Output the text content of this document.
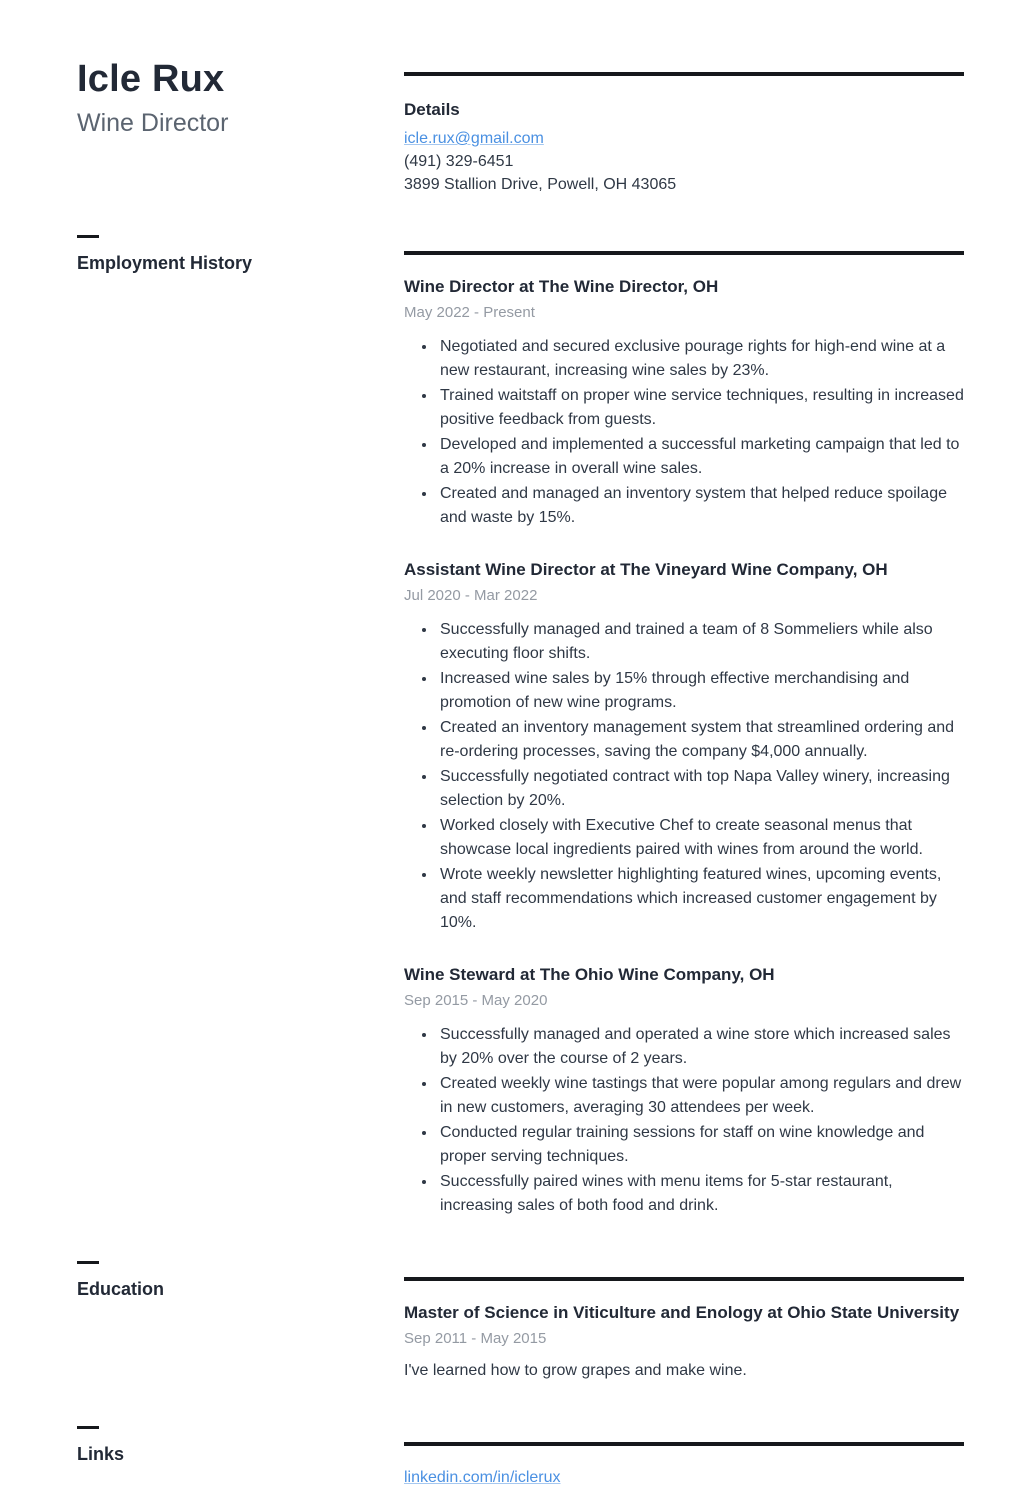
Icle Rux
Wine Director	Details
icle.rux@gmail.com
(491) 329-6451
3899 Stallion Drive, Powell, OH 43065
Employment History
Wine Director at The Wine Director, OH
May 2022 - Present
• Negotiated and secured exclusive pourage rights for high-end wine at a new restaurant, increasing wine sales by 23%.
• Trained waitstaff on proper wine service techniques, resulting in increased positive feedback from guests.
• Developed and implemented a successful marketing campaign that led to a 20% increase in overall wine sales.
• Created and managed an inventory system that helped reduce spoilage and waste by 15%.
Assistant Wine Director at The Vineyard Wine Company, OH
Jul 2020 - Mar 2022
• Successfully managed and trained a team of 8 Sommeliers while also executing floor shifts.
• Increased wine sales by 15% through effective merchandising and promotion of new wine programs.
• Created an inventory management system that streamlined ordering and re-ordering processes, saving the company $4,000 annually.
• Successfully negotiated contract with top Napa Valley winery, increasing selection by 20%.
• Worked closely with Executive Chef to create seasonal menus that showcase local ingredients paired with wines from around the world.
• Wrote weekly newsletter highlighting featured wines, upcoming events, and staff recommendations which increased customer engagement by 10%.
Wine Steward at The Ohio Wine Company, OH
Sep 2015 - May 2020
• Successfully managed and operated a wine store which increased sales by 20% over the course of 2 years.
• Created weekly wine tastings that were popular among regulars and drew in new customers, averaging 30 attendees per week.
• Conducted regular training sessions for staff on wine knowledge and proper serving techniques.
• Successfully paired wines with menu items for 5-star restaurant, increasing sales of both food and drink.
Education
Master of Science in Viticulture and Enology at Ohio State University
Sep 2011 - May 2015
I've learned how to grow grapes and make wine.
Links
linkedin.com/in/iclerux
